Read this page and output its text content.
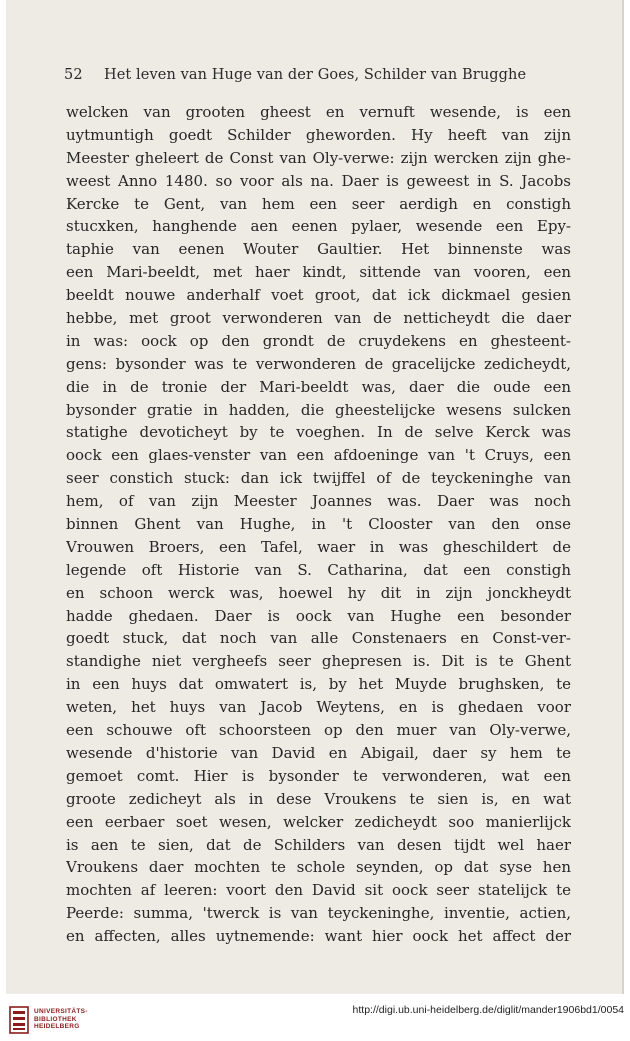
52 Het leven van Huge van der Goes, Schilder van Brugghe
welcken van grooten gheest en vernuft wesende, is een
uytmuntigh goedt Schilder gheworden. Hy heeft van zijn
Meester gheleert de Const van Oly-verwe: zijn wercken zijn ghe-
weest Anno 1480. so voor als na. Daer is geweest in S. Jacobs
Kercke te Gent, van hem een seer aerdigh en constigh
stucxken, hanghende aen eenen pylaer, wesende een Epy-
taphie van eenen Wouter Gaultier. Het binnenste was
een Mari-beeldt, met haer kindt, sittende van vooren, een
beeldt nouwe anderhalf voet groot, dat ick dickmael gesien
hebbe, met groot verwonderen van de netticheydt die daer
in was: oock op den grondt de cruydekens en ghesteent-
gens: bysonder was te verwonderen de gracelijcke zedicheydt,
die in de tronie der Mari-beeldt was, daer die oude een
bysonder gratie in hadden, die gheestelijcke wesens sulcken
statighe devoticheyt by te voeghen. In de selve Kerck was
oock een glaes-venster van een afdoeninge van 't Cruys, een
seer constich stuck: dan ick twijffel of de teyckeninghe van
hem, of van zijn Meester Joannes was. Daer was noch
binnen Ghent van Hughe, in 't Clooster van den onse
Vrouwen Broers, een Tafel, waer in was gheschildert de
legende oft Historie van S. Catharina, dat een constigh
en schoon werck was, hoewel hy dit in zijn jonckheydt
hadde ghedaen. Daer is oock van Hughe een besonder
goedt stuck, dat noch van alle Constenaers en Const-ver-
standighe niet vergheefs seer ghepresen is. Dit is te Ghent
in een huys dat omwatert is, by het Muyde brughsken, te
weten, het huys van Jacob Weytens, en is ghedaen voor
een schouwe oft schoorsteen op den muer van Oly-verwe,
wesende d'historie van David en Abigail, daer sy hem te
gemoet comt. Hier is bysonder te verwonderen, wat een
groote zedicheyt als in dese Vroukens te sien is, en wat
een eerbaer soet wesen, welcker zedicheydt soo manierlijck
is aen te sien, dat de Schilders van desen tijdt wel haer
Vroukens daer mochten te schole seynden, op dat syse hen
mochten af leeren: voort den David sit oock seer statelijck te
Peerde: summa, 'twerck is van teyckeninghe, inventie, actien,
en affecten, alles uytnemende: want hier oock het affect der
UNIVERSITÄTS-
BIBLIOTHEK
HEIDELBERG
http://digi.ub.uni-heidelberg.de/diglit/mander1906bd1/0054
